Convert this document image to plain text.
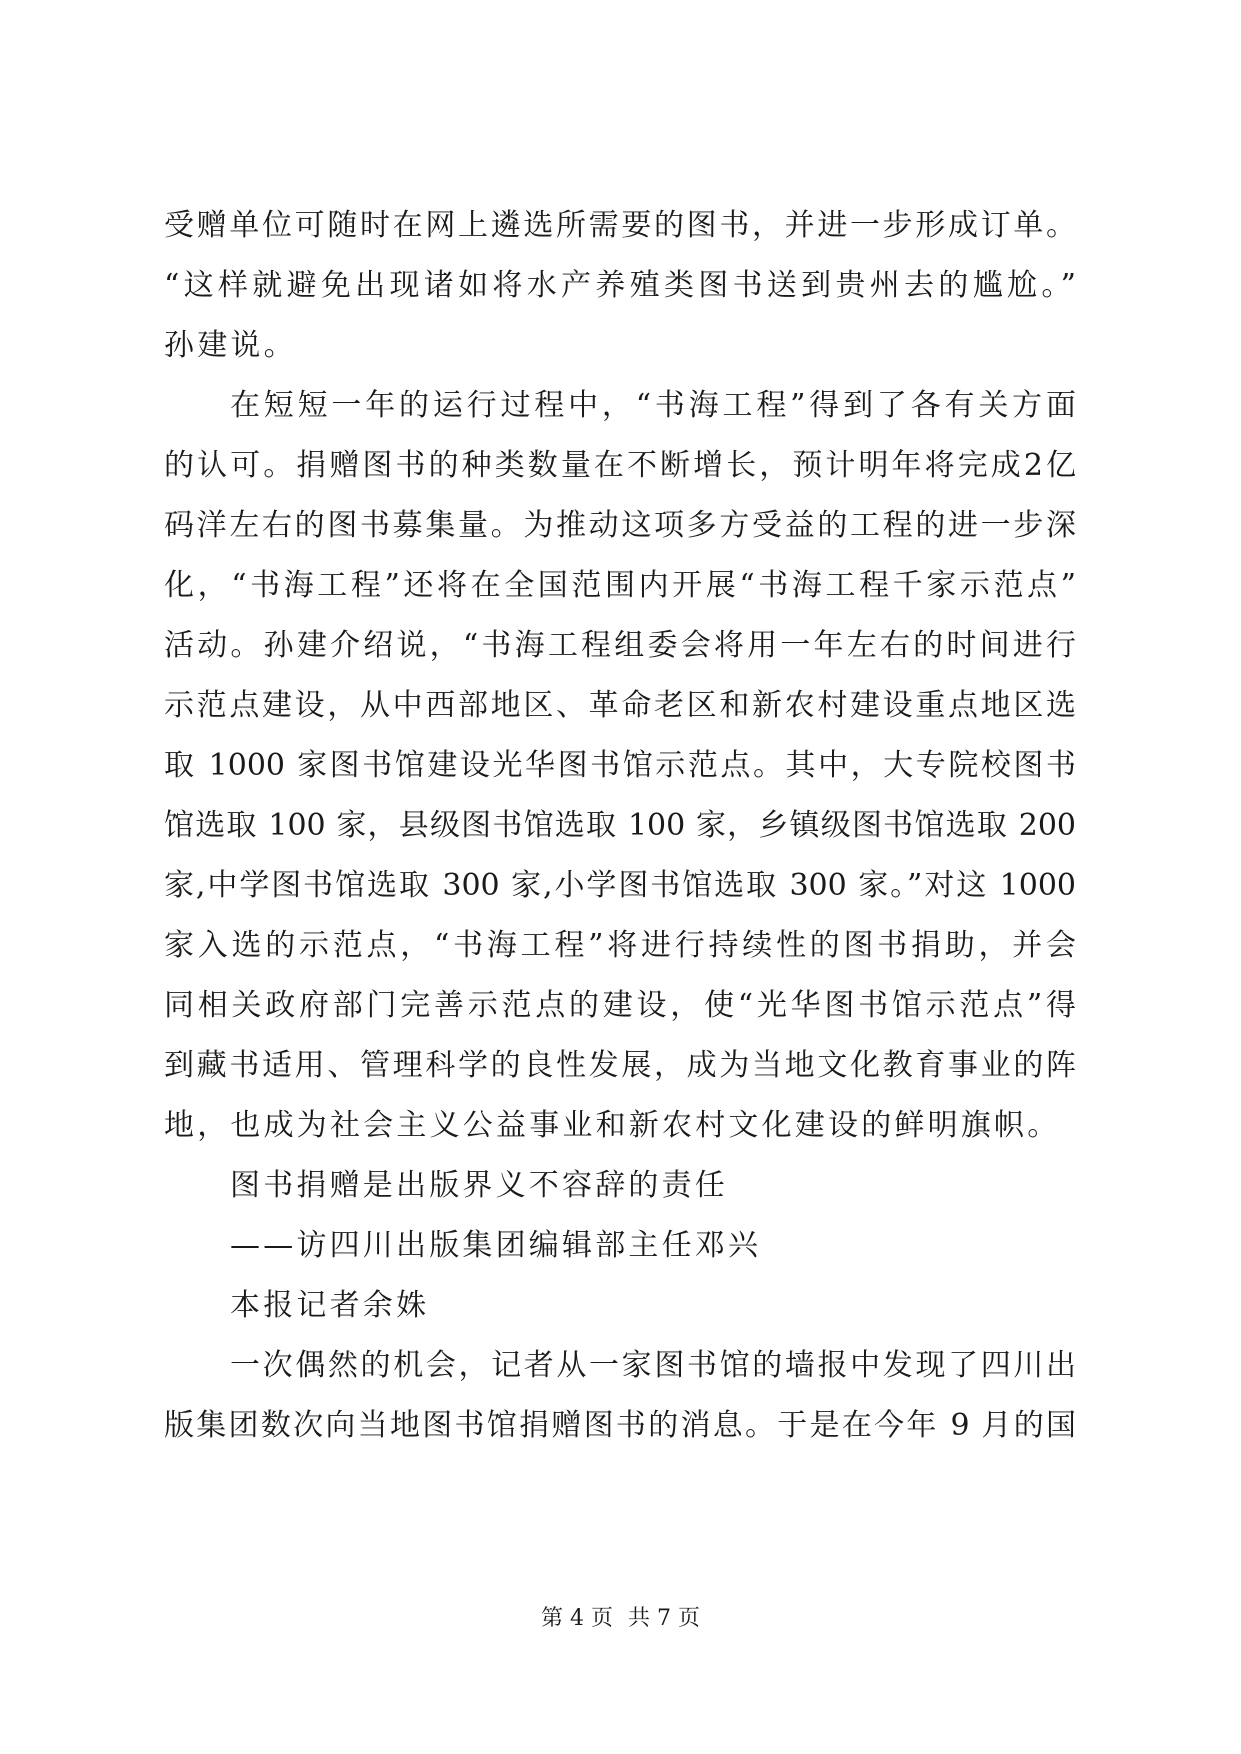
受赠单位可随时在网上遴选所需要的图书，并进一步形成订单。
“这样就避免出现诸如将水产养殖类图书送到贵州去的尴尬。”
孙建说。
在短短一年的运行过程中，“书海工程”得到了各有关方面
的认可。捐赠图书的种类数量在不断增长，预计明年将完成2亿
码洋左右的图书募集量。为推动这项多方受益的工程的进一步深
化，“书海工程”还将在全国范围内开展“书海工程千家示范点”
活动。孙建介绍说，“书海工程组委会将用一年左右的时间进行
示范点建设，从中西部地区、革命老区和新农村建设重点地区选
取 1000 家图书馆建设光华图书馆示范点。其中，大专院校图书
馆选取 100 家，县级图书馆选取 100 家，乡镇级图书馆选取 200
家,中学图书馆选取 300 家,小学图书馆选取 300 家。”对这 1000
家入选的示范点，“书海工程”将进行持续性的图书捐助，并会
同相关政府部门完善示范点的建设，使“光华图书馆示范点”得
到藏书适用、管理科学的良性发展，成为当地文化教育事业的阵
地，也成为社会主义公益事业和新农村文化建设的鲜明旗帜。
图书捐赠是出版界义不容辞的责任
——访四川出版集团编辑部主任邓兴
本报记者余姝
一次偶然的机会，记者从一家图书馆的墙报中发现了四川出
版集团数次向当地图书馆捐赠图书的消息。于是在今年 9 月的国
第 4 页 共 7 页
